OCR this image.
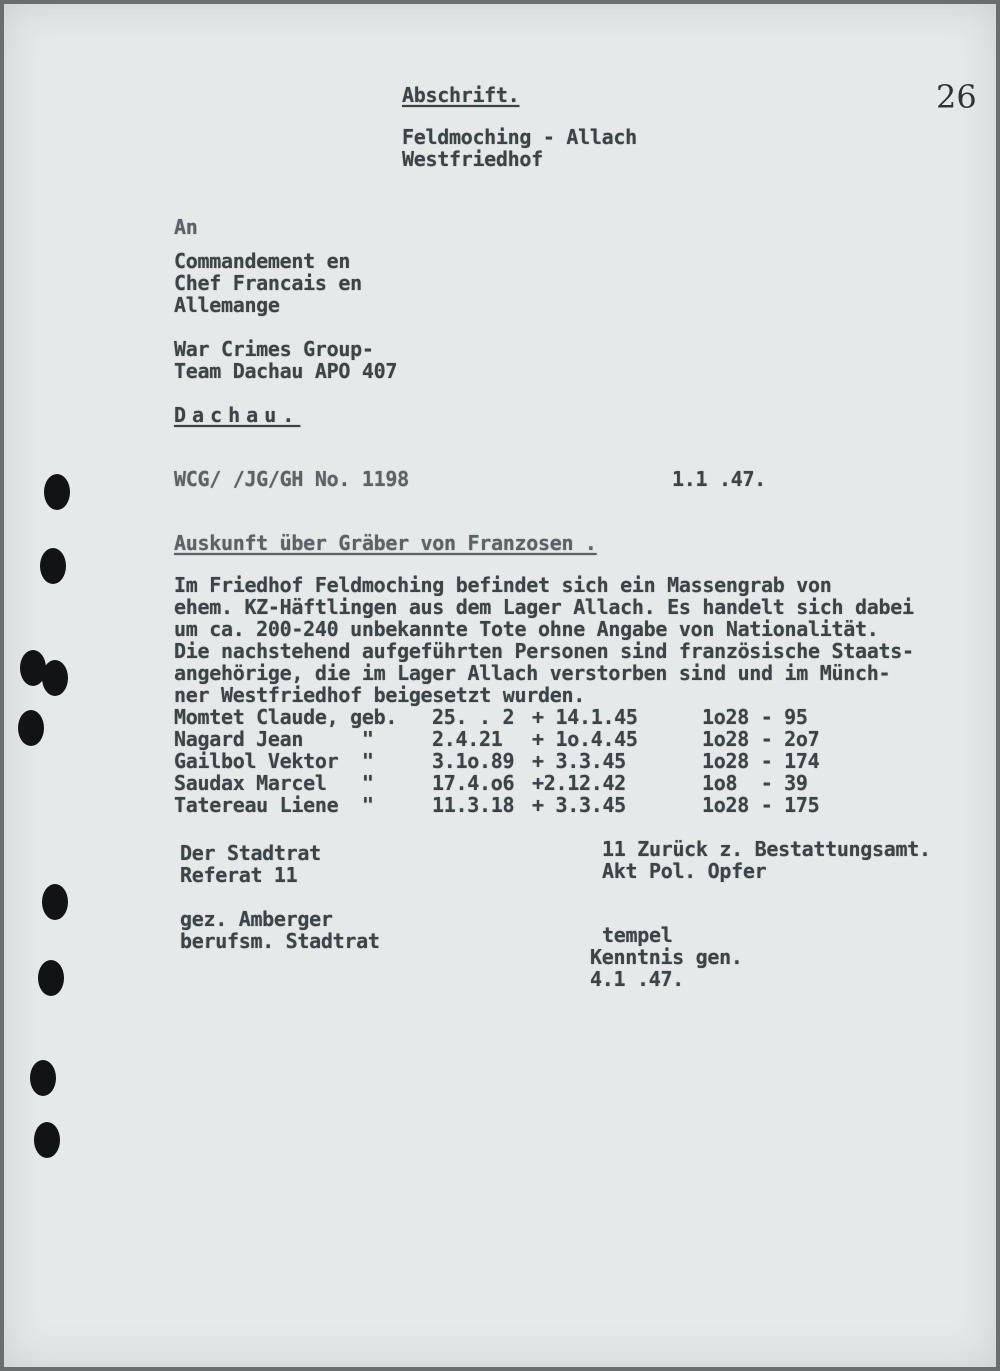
26
Abschrift.
Feldmoching - Allach
Westfriedhof
An
Commandement en
Chef Francais en
Allemange
War Crimes Group-
Team Dachau APO 407
Dachau.
WCG/ /JG/GH No. 1198	1.1 .47.
Auskunft über Gräber von Franzosen .
Im Friedhof Feldmoching befindet sich ein Massengrab von
ehem. KZ-Häftlingen aus dem Lager Allach. Es handelt sich dabei
um ca. 200-240 unbekannte Tote ohne Angabe von Nationalität.
Die nachstehend aufgeführten Personen sind französische Staats-
angehörige, die im Lager Allach verstorben sind und im Münch-
ner Westfriedhof beigesetzt wurden.
Momtet Claude, geb. 25. . 2 + 14.1.45	1o28 - 95
Nagard Jean     "	2.4.21 + 1o.4.45	1o28 - 2o7
Gailbol Vektor  "	3.1o.89 + 3.3.45	1o28 - 174
Saudax Marcel   "	17.4.o6 +2.12.42	1o8  - 39
Tatereau Liene  "	11.3.18 + 3.3.45	1o28 - 175
Der Stadtrat
Referat 11
gez. Amberger
berufsm. Stadtrat
11 Zurück z. Bestattungsamt.
Akt Pol. Opfer
tempel
Kenntnis gen.
4.1 .47.
